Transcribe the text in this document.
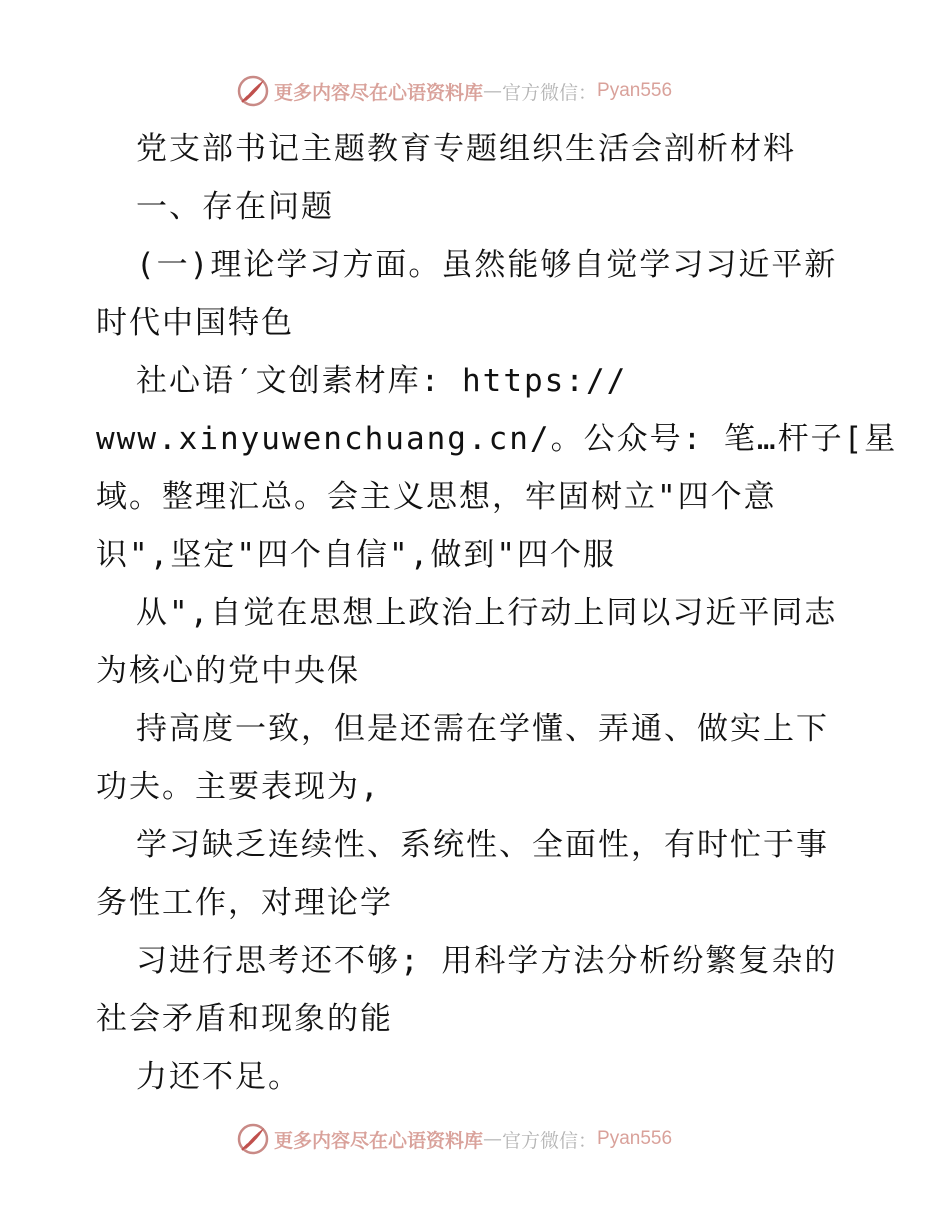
更多内容尽在心语资料库 — 官方微信： Pyan556
党支部书记主题教育专题组织生活会剖析材料
一、存在问题
(一)理论学习方面。虽然能够自觉学习习近平新
时代中国特色
社心语′文创素材库: https://
www.xinyuwenchuang.cn/。公众号: 笔…杆子[星
域。整理汇总。会主义思想，牢固树立"四个意
识",坚定"四个自信",做到"四个服
从",自觉在思想上政治上行动上同以习近平同志
为核心的党中央保
持高度一致，但是还需在学懂、弄通、做实上下
功夫。主要表现为,
学习缺乏连续性、系统性、全面性，有时忙于事
务性工作，对理论学
习进行思考还不够; 用科学方法分析纷繁复杂的
社会矛盾和现象的能
力还不足。
更多内容尽在心语资料库 — 官方微信： Pyan556
